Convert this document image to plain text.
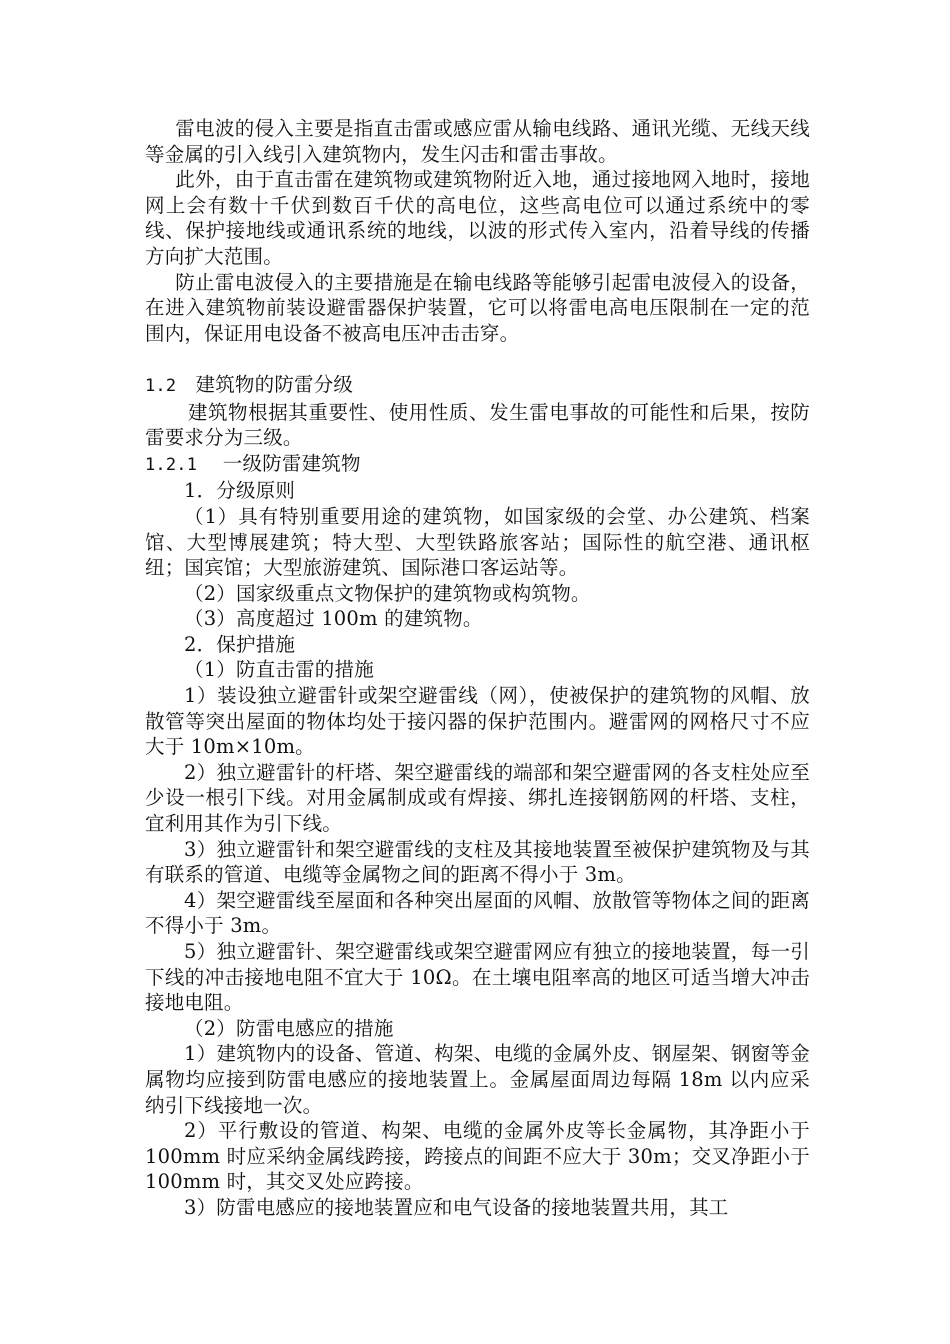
雷电波的侵入主要是指直击雷或感应雷从输电线路、通讯光缆、无线天线等金属的引入线引入建筑物内，发生闪击和雷击事故。

此外，由于直击雷在建筑物或建筑物附近入地，通过接地网入地时，接地网上会有数十千伏到数百千伏的高电位，这些高电位可以通过系统中的零线、保护接地线或通讯系统的地线，以波的形式传入室内，沿着导线的传播方向扩大范围。

防止雷电波侵入的主要措施是在输电线路等能够引起雷电波侵入的设备，在进入建筑物前装设避雷器保护装置，它可以将雷电高电压限制在一定的范围内，保证用电设备不被高电压冲击击穿。

1.2 建筑物的防雷分级

建筑物根据其重要性、使用性质、发生雷电事故的可能性和后果，按防雷要求分为三级。

1.2.1 一级防雷建筑物

1．分级原则

（1）具有特别重要用途的建筑物，如国家级的会堂、办公建筑、档案馆、大型博展建筑；特大型、大型铁路旅客站；国际性的航空港、通讯枢纽；国宾馆；大型旅游建筑、国际港口客运站等。

（2）国家级重点文物保护的建筑物或构筑物。

（3）高度超过 100m 的建筑物。

2．保护措施

（1）防直击雷的措施

1）装设独立避雷针或架空避雷线（网），使被保护的建筑物的风帽、放散管等突出屋面的物体均处于接闪器的保护范围内。避雷网的网格尺寸不应大于 10m×10m。

2）独立避雷针的杆塔、架空避雷线的端部和架空避雷网的各支柱处应至少设一根引下线。对用金属制成或有焊接、绑扎连接钢筋网的杆塔、支柱，宜利用其作为引下线。

3）独立避雷针和架空避雷线的支柱及其接地装置至被保护建筑物及与其有联系的管道、电缆等金属物之间的距离不得小于 3m。

4）架空避雷线至屋面和各种突出屋面的风帽、放散管等物体之间的距离不得小于 3m。

5）独立避雷针、架空避雷线或架空避雷网应有独立的接地装置，每一引下线的冲击接地电阻不宜大于 10Ω。在土壤电阻率高的地区可适当增大冲击接地电阻。

（2）防雷电感应的措施

1）建筑物内的设备、管道、构架、电缆的金属外皮、钢屋架、钢窗等金属物均应接到防雷电感应的接地装置上。金属屋面周边每隔 18m 以内应采纳引下线接地一次。

2）平行敷设的管道、构架、电缆的金属外皮等长金属物，其净距小于 100mm 时应采纳金属线跨接，跨接点的间距不应大于 30m；交叉净距小于 100mm 时，其交叉处应跨接。

3）防雷电感应的接地装置应和电气设备的接地装置共用，其工
